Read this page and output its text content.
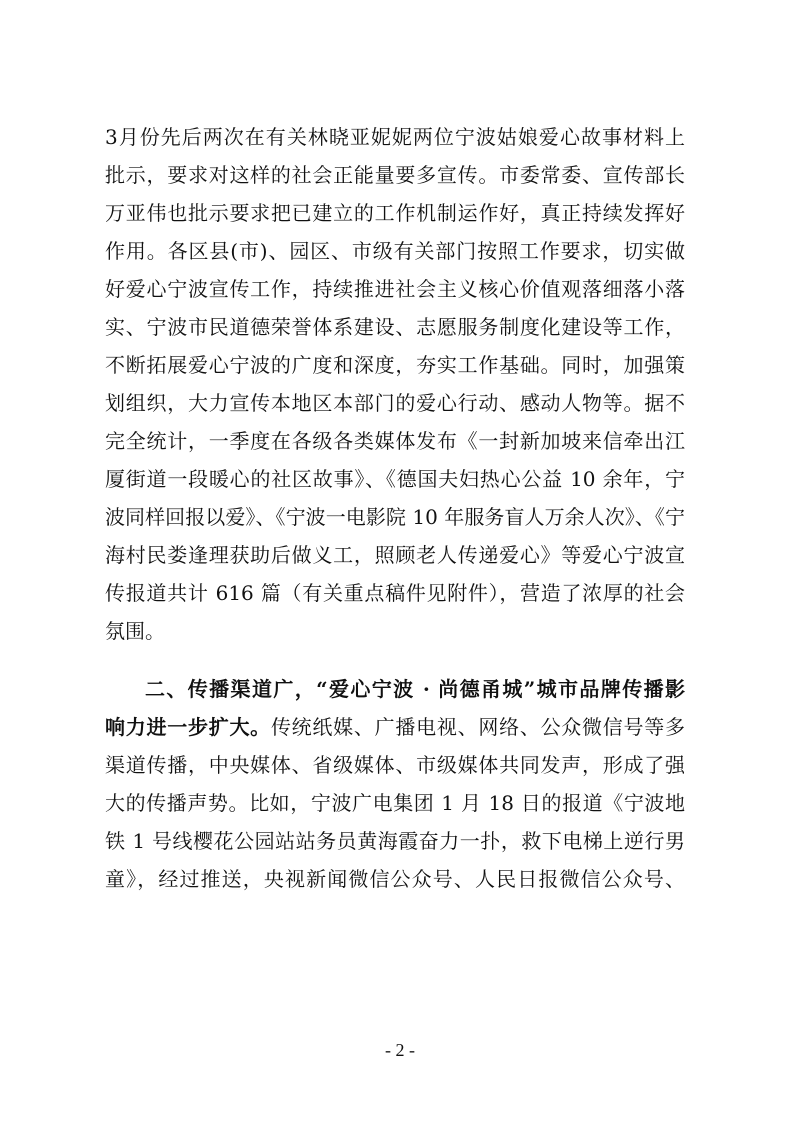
3月份先后两次在有关林晓亚妮妮两位宁波姑娘爱心故事材料上
批示，要求对这样的社会正能量要多宣传。市委常委、宣传部长
万亚伟也批示要求把已建立的工作机制运作好，真正持续发挥好
作用。各区县(市)、园区、市级有关部门按照工作要求，切实做
好爱心宁波宣传工作，持续推进社会主义核心价值观落细落小落
实、宁波市民道德荣誉体系建设、志愿服务制度化建设等工作，
不断拓展爱心宁波的广度和深度，夯实工作基础。同时，加强策
划组织，大力宣传本地区本部门的爱心行动、感动人物等。据不
完全统计，一季度在各级各类媒体发布《一封新加坡来信牵出江
厦街道一段暖心的社区故事》、《德国夫妇热心公益 10 余年，宁
波同样回报以爱》、《宁波一电影院 10 年服务盲人万余人次》、《宁
海村民娄逢理获助后做义工，照顾老人传递爱心》等爱心宁波宣
传报道共计 616 篇（有关重点稿件见附件），营造了浓厚的社会
氛围。
二、传播渠道广，“爱心宁波 · 尚德甬城”城市品牌传播影
响力进一步扩大。传统纸媒、广播电视、网络、公众微信号等多
渠道传播，中央媒体、省级媒体、市级媒体共同发声，形成了强
大的传播声势。比如，宁波广电集团 1 月 18 日的报道《宁波地
铁 1 号线樱花公园站站务员黄海霞奋力一扑，救下电梯上逆行男
童》，经过推送，央视新闻微信公众号、人民日报微信公众号、
- 2 -
